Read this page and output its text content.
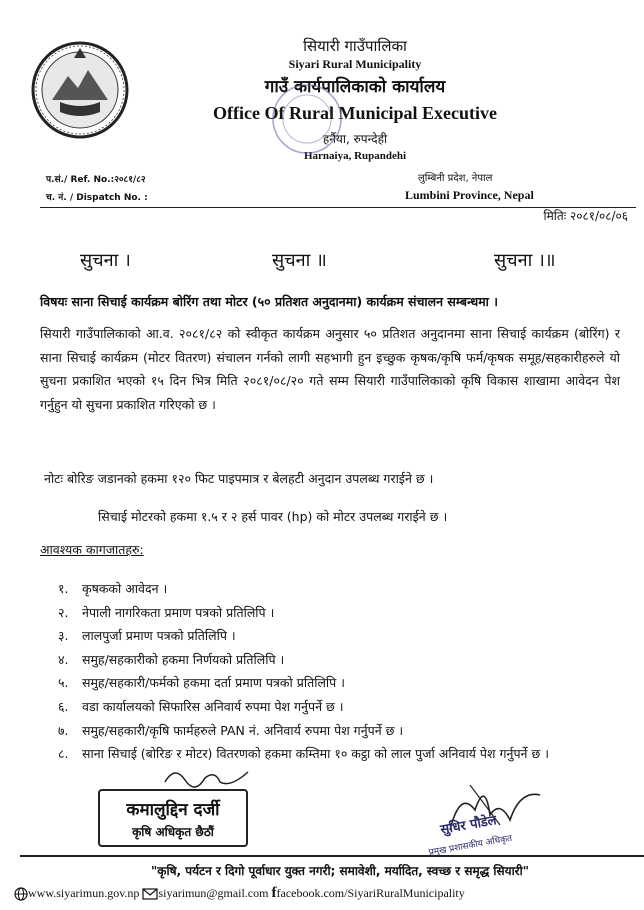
सियारी गाउँपालिका
Siyari Rural Municipality
गाउँ कार्यपालिकाको कार्यालय
Office Of Rural Municipal Executive
हर्नैया, रुपन्देही
Harnaiya, Rupandehi
प.सं./ Ref. No.:२०८१/८२
च. नं. / Dispatch No. :
लुम्बिनी प्रदेश, नेपाल
Lumbini Province, Nepal
मितिः २०८१/०८/०६
सुचना ।	सुचना ॥	सुचना ।॥
विषयः साना सिचाई कार्यक्रम बोरिंग तथा मोटर (५० प्रतिशत अनुदानमा) कार्यक्रम संचालन सम्बन्धमा ।
सियारी गाउँपालिकाको आ.व. २०८१/८२ को स्वीकृत कार्यक्रम अनुसार ५० प्रतिशत अनुदानमा साना सिचाई कार्यक्रम (बोरिंग) र साना सिचाई कार्यक्रम (मोटर वितरण) संचालन गर्नको लागी सहभागी हुन इच्छुक कृषक/कृषि फर्म/कृषक समूह/सहकारीहरुले यो सुचना प्रकाशित भएको १५ दिन भित्र मिति २०८१/०८/२० गते सम्म सियारी गाउँपालिकाको कृषि विकास शाखामा आवेदन पेश गर्नुहुन यो सुचना प्रकाशित गरिएको छ ।
नोटः बोरिङ जडानको हकमा १२० फिट पाइपमात्र र बेलहटी अनुदान उपलब्ध गराईने छ ।
सिचाई मोटरको हकमा १.५ र २ हर्स पावर (hp) को मोटर उपलब्ध गराईने छ ।
आवश्यक कागजातहरु:
१.	कृषकको आवेदन ।
२.	नेपाली नागरिकता प्रमाण पत्रको प्रतिलिपि ।
३.	लालपुर्जा प्रमाण पत्रको प्रतिलिपि ।
४.	समुह/सहकारीको हकमा निर्णयको प्रतिलिपि ।
५.	समुह/सहकारी/फर्मको हकमा दर्ता प्रमाण पत्रको प्रतिलिपि ।
६.	वडा कार्यालयको सिफारिस अनिवार्य रुपमा पेश गर्नुपर्ने छ ।
७.	समुह/सहकारी/कृषि फार्महरुले PAN नं. अनिवार्य रुपमा पेश गर्नुपर्ने छ ।
८.	साना सिचाई (बोरिङ र मोटर) वितरणको हकमा कम्तिमा १० कट्ठा को लाल पुर्जा अनिवार्य पेश गर्नुपर्ने छ ।
कमालुद्दिन दर्जी
कृषि अधिकृत छैठौं	सुधिर पौडेल
प्रमुख प्रशासकीय अधिकृत
"कृषि, पर्यटन र दिगो पूर्वाधार युक्त नगरी; समावेशी, मर्यादित, स्वच्छ र समृद्ध सियारी"
www.siyarimun.gov.np siyarimun@gmail.com ffacebook.com/SiyariRuralMunicipality
